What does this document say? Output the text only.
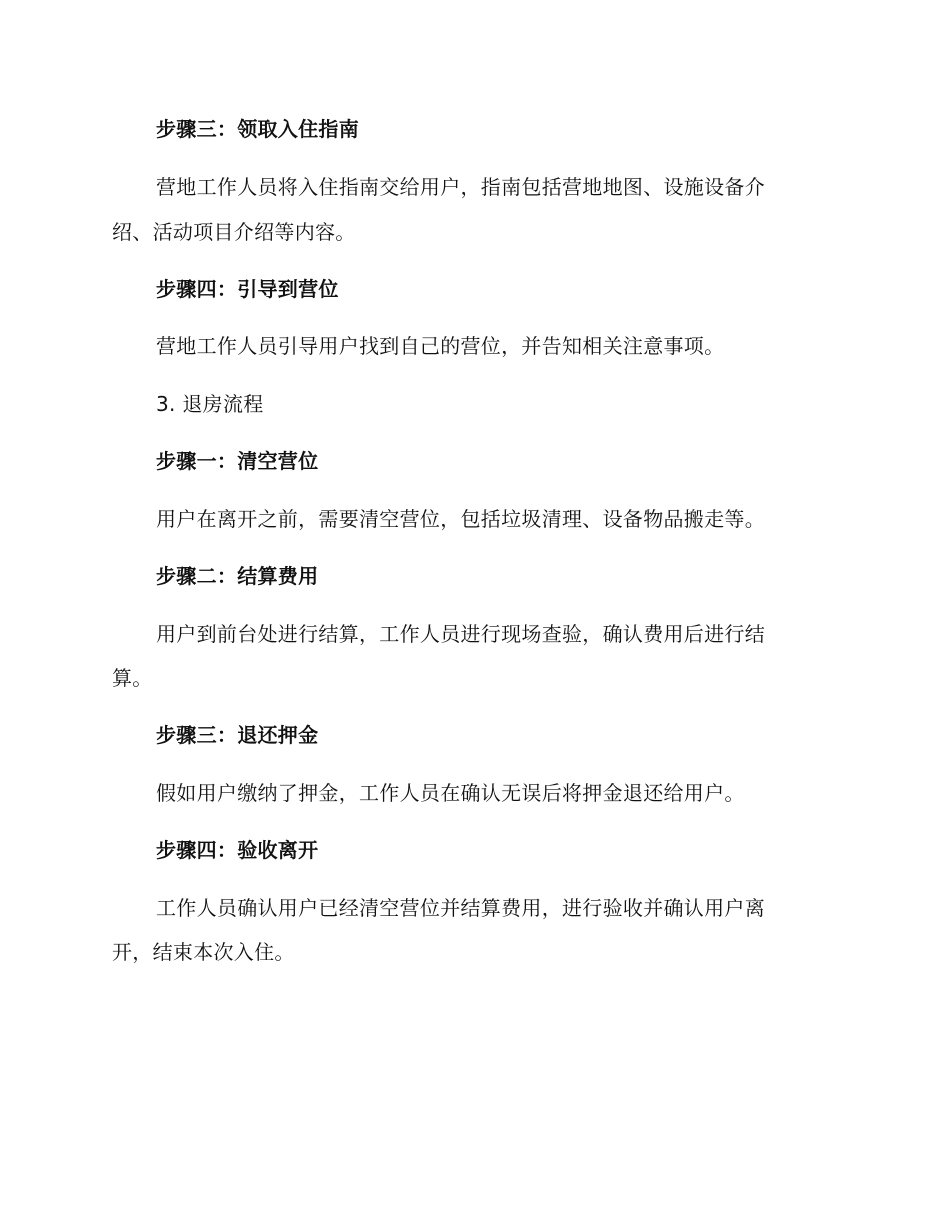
步骤三：领取入住指南
营地工作人员将入住指南交给用户，指南包括营地地图、设施设备介
绍、活动项目介绍等内容。
步骤四：引导到营位
营地工作人员引导用户找到自己的营位，并告知相关注意事项。
3. 退房流程
步骤一：清空营位
用户在离开之前，需要清空营位，包括垃圾清理、设备物品搬走等。
步骤二：结算费用
用户到前台处进行结算，工作人员进行现场查验，确认费用后进行结
算。
步骤三：退还押金
假如用户缴纳了押金，工作人员在确认无误后将押金退还给用户。
步骤四：验收离开
工作人员确认用户已经清空营位并结算费用，进行验收并确认用户离
开，结束本次入住。
